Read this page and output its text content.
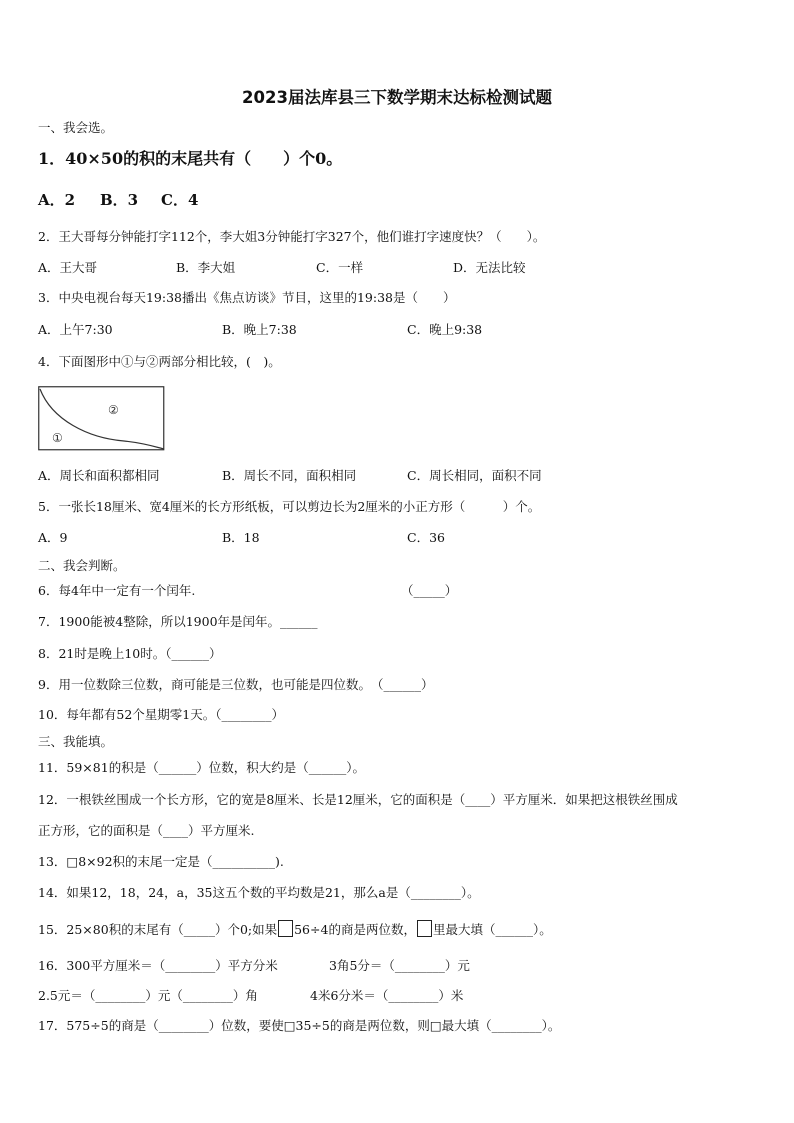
2023届法库县三下数学期末达标检测试题
一、我会选。
1．40×50的积的末尾共有（　　）个0。
A．2 B．3 C．4
2．王大哥每分钟能打字112个，李大姐3分钟能打字327个，他们谁打字速度快？（　　）。
A．王大哥	B．李大姐	C．一样	D．无法比较
3．中央电视台每天19:38播出《焦点访谈》节目，这里的19:38是（　　）
A．上午7:30	B．晚上7:38	C．晚上9:38
4．下面图形中①与②两部分相比较，(　)。
①
②
A．周长和面积都相同	B．周长不同，面积相同	C．周长相同，面积不同
5．一张长18厘米、宽4厘米的长方形纸板，可以剪边长为2厘米的小正方形（　　　）个。
A．9	B．18	C．36
二、我会判断。
6．每4年中一定有一个闰年.	（_____）
7．1900能被4整除，所以1900年是闰年。______
8．21时是晚上10时。（______）
9．用一位数除三位数，商可能是三位数，也可能是四位数。　（______）
10．每年都有52个星期零1天。（________）
三、我能填。
11．59×81的积是（______）位数，积大约是（______）。
12．一根铁丝围成一个长方形，它的宽是8厘米、长是12厘米，它的面积是（____）平方厘米．如果把这根铁丝围成
正方形，它的面积是（____）平方厘米.
13．□8×92积的末尾一定是（__________).
14．如果12，18，24，a，35这五个数的平均数是21，那么a是（________）。
15．25×80积的末尾有（_____）个0;如果 56÷4的商是两位数， 里最大填（______）。
16．300平方厘米＝（________）平方分米	3角5分＝（________）元
2.5元＝（________）元（________）角	4米6分米＝（________）米
17．575÷5的商是（________）位数，要使□35÷5的商是两位数，则□最大填（________）。
